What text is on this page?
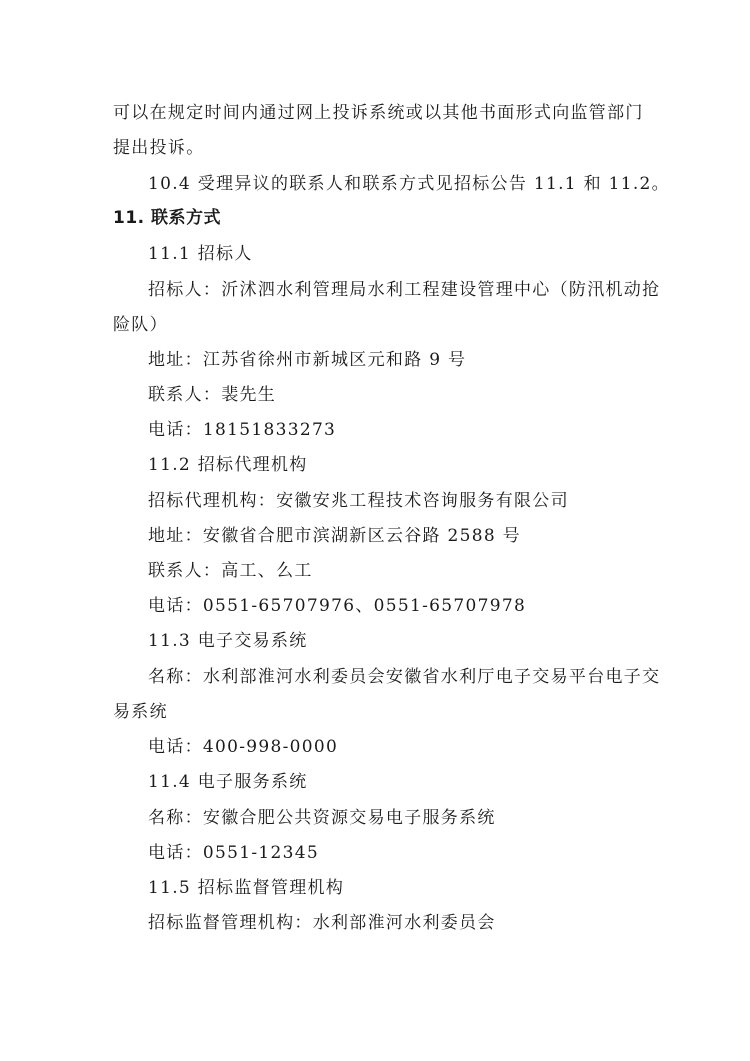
可以在规定时间内通过网上投诉系统或以其他书面形式向监管部门
提出投诉。
10.4 受理异议的联系人和联系方式见招标公告 11.1 和 11.2。
11. 联系方式
11.1 招标人
招标人：沂沭泗水利管理局水利工程建设管理中心（防汛机动抢
险队）
地址：江苏省徐州市新城区元和路 9 号
联系人：裴先生
电话：18151833273
11.2 招标代理机构
招标代理机构：安徽安兆工程技术咨询服务有限公司
地址：安徽省合肥市滨湖新区云谷路 2588 号
联系人：高工、么工
电话：0551-65707976、0551-65707978
11.3 电子交易系统
名称：水利部淮河水利委员会安徽省水利厅电子交易平台电子交
易系统
电话：400-998-0000
11.4 电子服务系统
名称：安徽合肥公共资源交易电子服务系统
电话：0551-12345
11.5 招标监督管理机构
招标监督管理机构：水利部淮河水利委员会
